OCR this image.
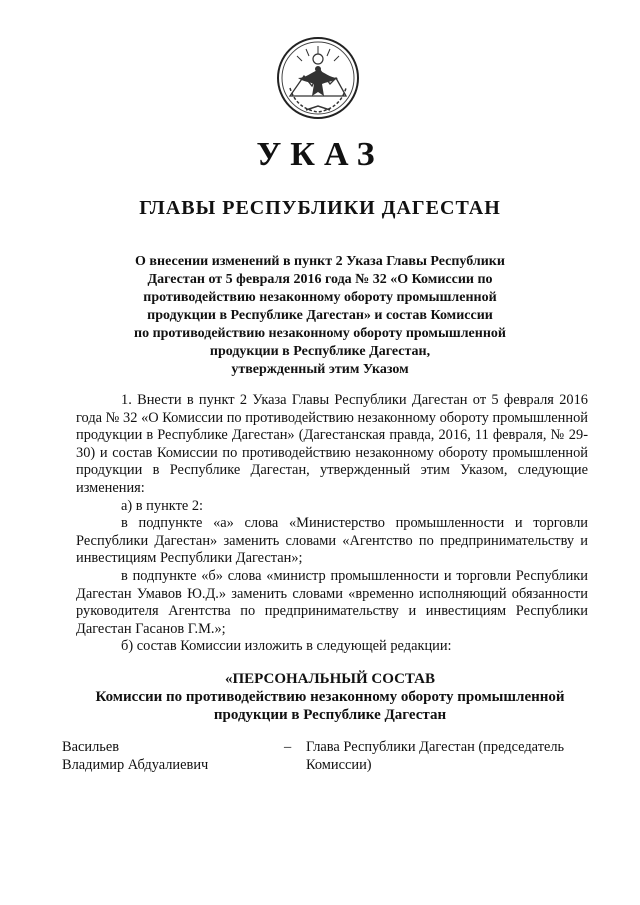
УКАЗ
ГЛАВЫ РЕСПУБЛИКИ ДАГЕСТАН
О внесении изменений в пункт 2 Указа Главы Республики
Дагестан от 5 февраля 2016 года № 32 «О Комиссии по
противодействию незаконному обороту промышленной
продукции в Республике Дагестан» и состав Комиссии
по противодействию незаконному обороту промышленной
продукции в Республике Дагестан,
утвержденный этим Указом

1. Внести в пункт 2 Указа Главы Республики Дагестан от 5 февраля 2016 года № 32 «О Комиссии по противодействию незаконному обороту промышленной продукции в Республике Дагестан» (Дагестанская правда, 2016, 11 февраля, № 29-30) и состав Комиссии по противодействию незаконному обороту промышленной продукции в Республике Дагестан, утвержденный этим Указом, следующие изменения:

а) в пункте 2:

в подпункте «а» слова «Министерство промышленности и торговли Республики Дагестан» заменить словами «Агентство по предпринимательству и инвестициям Республики Дагестан»;

в подпункте «б» слова «министр промышленности и торговли Республики Дагестан Умавов Ю.Д.» заменить словами «временно исполняющий обязанности руководителя Агентства по предпринимательству и инвестициям Республики Дагестан Гасанов Г.М.»;

б) состав Комиссии изложить в следующей редакции:

«ПЕРСОНАЛЬНЫЙ СОСТАВ
Комиссии по противодействию незаконному обороту промышленной
продукции в Республике Дагестан
Васильев
Владимир Абдуалиевич
– Глава Республики Дагестан (председатель
Комиссии)
